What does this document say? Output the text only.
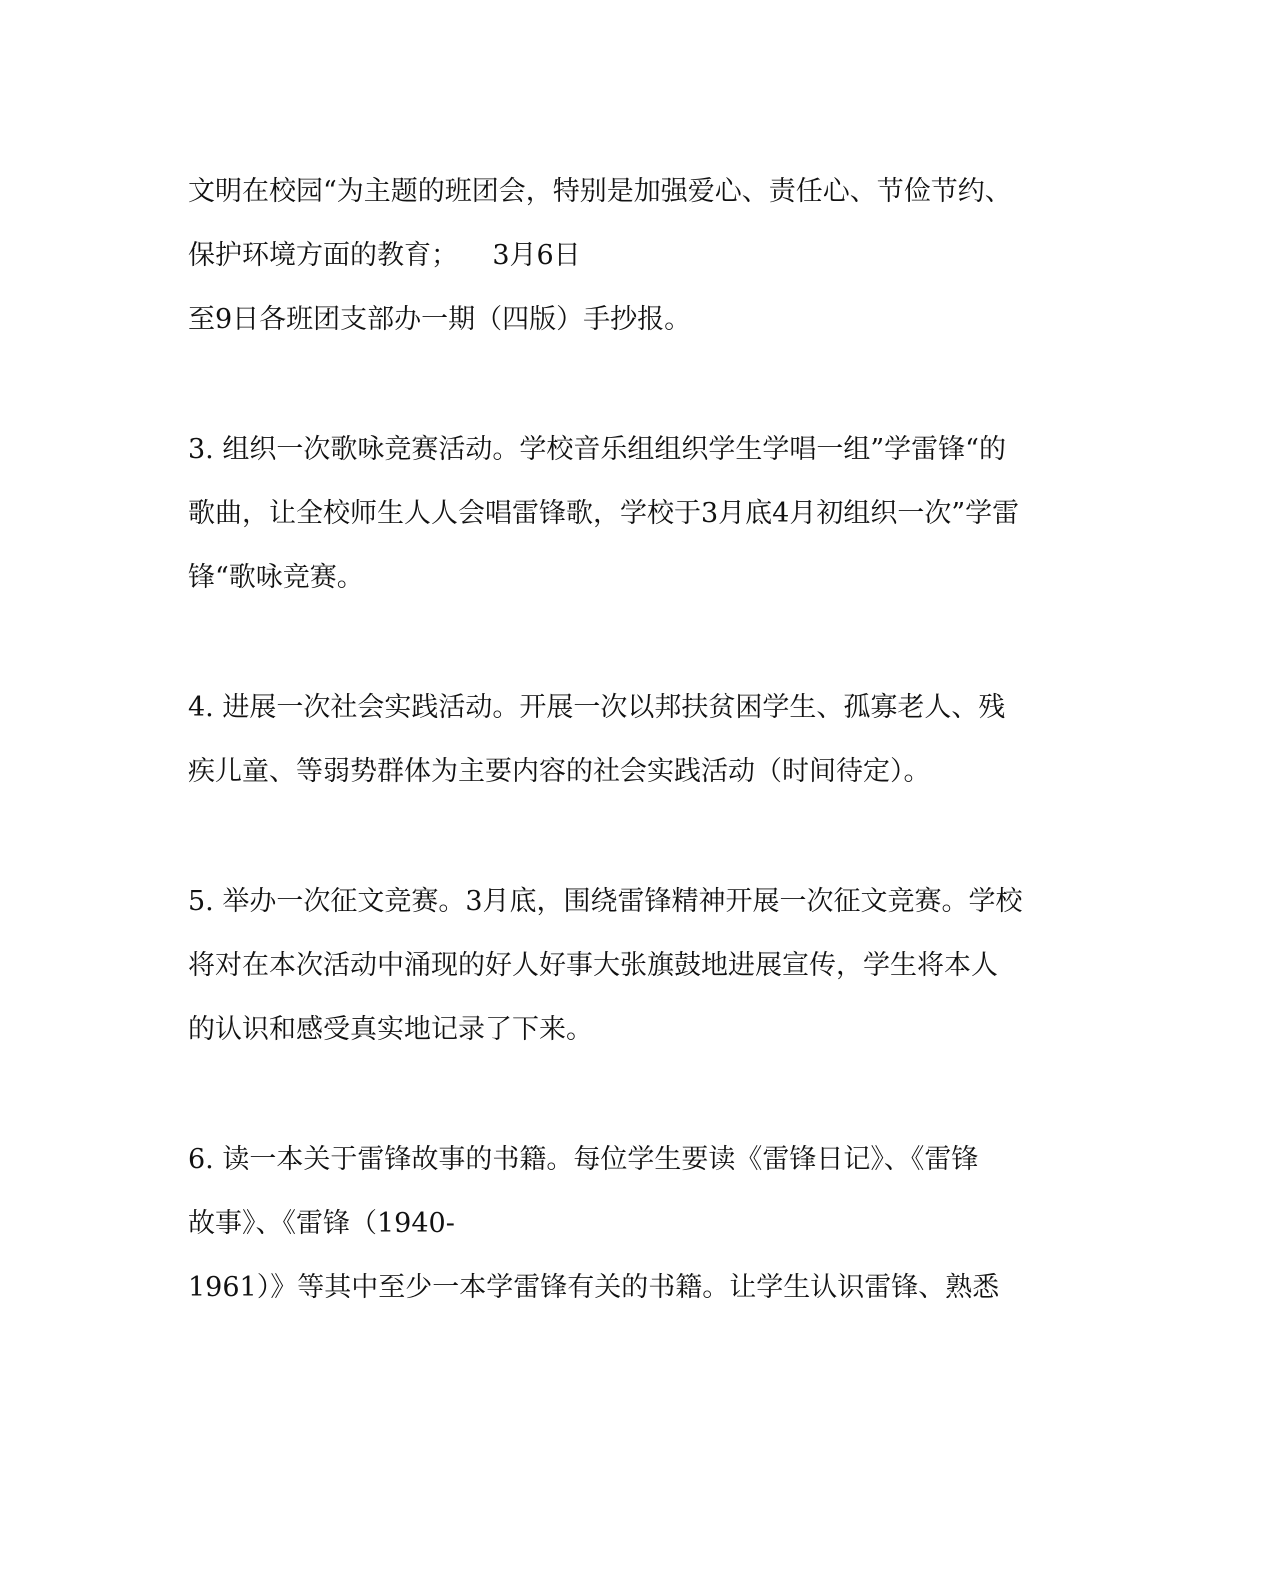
文明在校园“为主题的班团会，特别是加强爱心、责任心、节俭节约、
保护环境方面的教育；    3月6日
至9日各班团支部办一期（四版）手抄报。
3. 组织一次歌咏竞赛活动。学校音乐组组织学生学唱一组”学雷锋“的
歌曲，让全校师生人人会唱雷锋歌，学校于3月底4月初组织一次”学雷
锋“歌咏竞赛。
4. 进展一次社会实践活动。开展一次以邦扶贫困学生、孤寡老人、残
疾儿童、等弱势群体为主要内容的社会实践活动（时间待定）。
5. 举办一次征文竞赛。3月底，围绕雷锋精神开展一次征文竞赛。学校
将对在本次活动中涌现的好人好事大张旗鼓地进展宣传，学生将本人
的认识和感受真实地记录了下来。
6. 读一本关于雷锋故事的书籍。每位学生要读《雷锋日记》、《雷锋
故事》、《雷锋（1940-
1961）》等其中至少一本学雷锋有关的书籍。让学生认识雷锋、熟悉
